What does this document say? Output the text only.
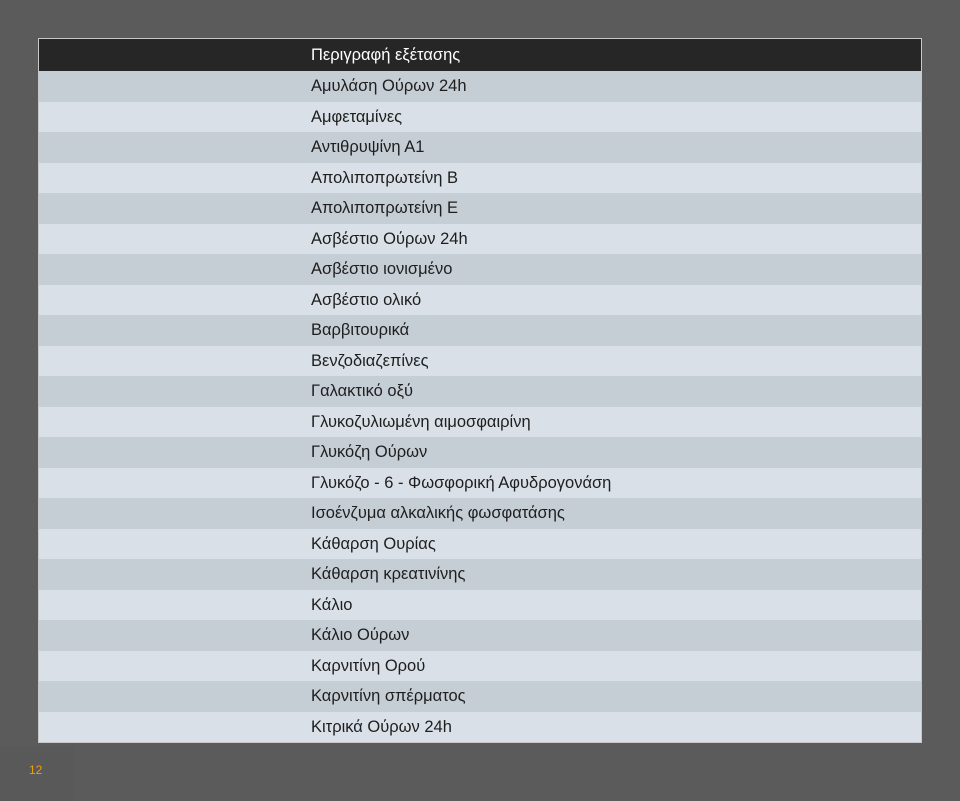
Περιγραφή εξέτασης
Αμυλάση Ούρων 24h
Αμφεταμίνες
Αντιθρυψίνη Α1
Απολιποπρωτείνη Β
Απολιποπρωτείνη Ε
Ασβέστιο Ούρων 24h
Ασβέστιο ιονισμένο
Ασβέστιο ολικό
Βαρβιτουρικά
Βενζοδιαζεπίνες
Γαλακτικό οξύ
Γλυκοζυλιωμένη αιμοσφαιρίνη
Γλυκόζη Ούρων
Γλυκόζο - 6 - Φωσφορική Αφυδρογονάση
Ισοένζυμα αλκαλικής φωσφατάσης
Κάθαρση Ουρίας
Κάθαρση κρεατινίνης
Κάλιο
Κάλιο Ούρων
Καρνιτίνη Ορού
Καρνιτίνη σπέρματος
Κιτρικά Ούρων 24h
12
